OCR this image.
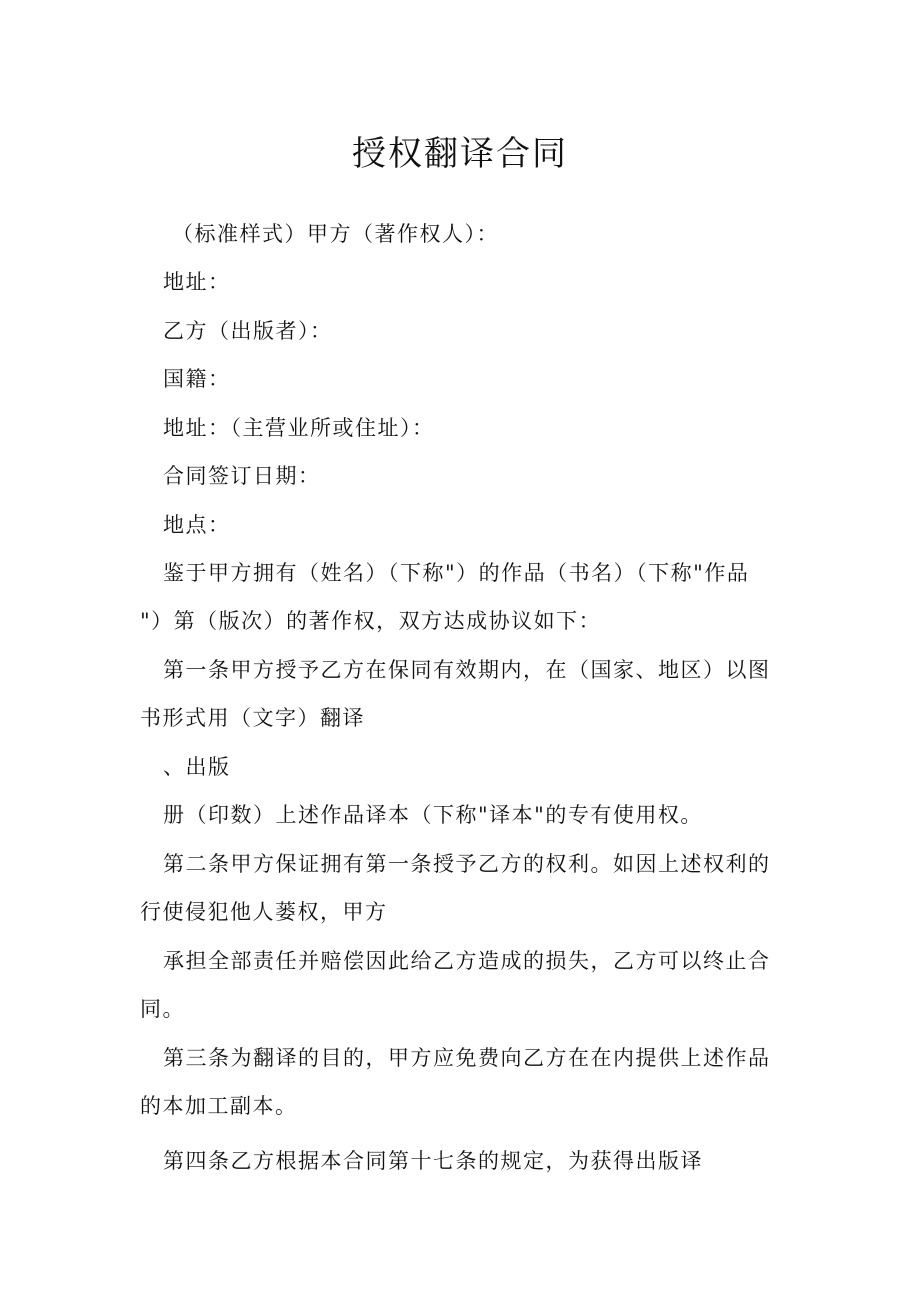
授权翻译合同
（标准样式）甲方（著作权人）：
地址：
乙方（出版者）：
国籍：
地址：（主营业所或住址）：
合同签订日期：
地点：
鉴于甲方拥有（姓名）（下称"）的作品（书名）（下称"作品
"）第（版次）的著作权，双方达成协议如下：
第一条甲方授予乙方在保同有效期内，在（国家、地区）以图
书形式用（文字）翻译
、出版
册（印数）上述作品译本（下称"译本"的专有使用权。
第二条甲方保证拥有第一条授予乙方的权利。如因上述权利的
行使侵犯他人蒌权，甲方
承担全部责任并赔偿因此给乙方造成的损失，乙方可以终止合
同。
第三条为翻译的目的，甲方应免费向乙方在在内提供上述作品
的本加工副本。
第四条乙方根据本合同第十七条的规定，为获得出版译
